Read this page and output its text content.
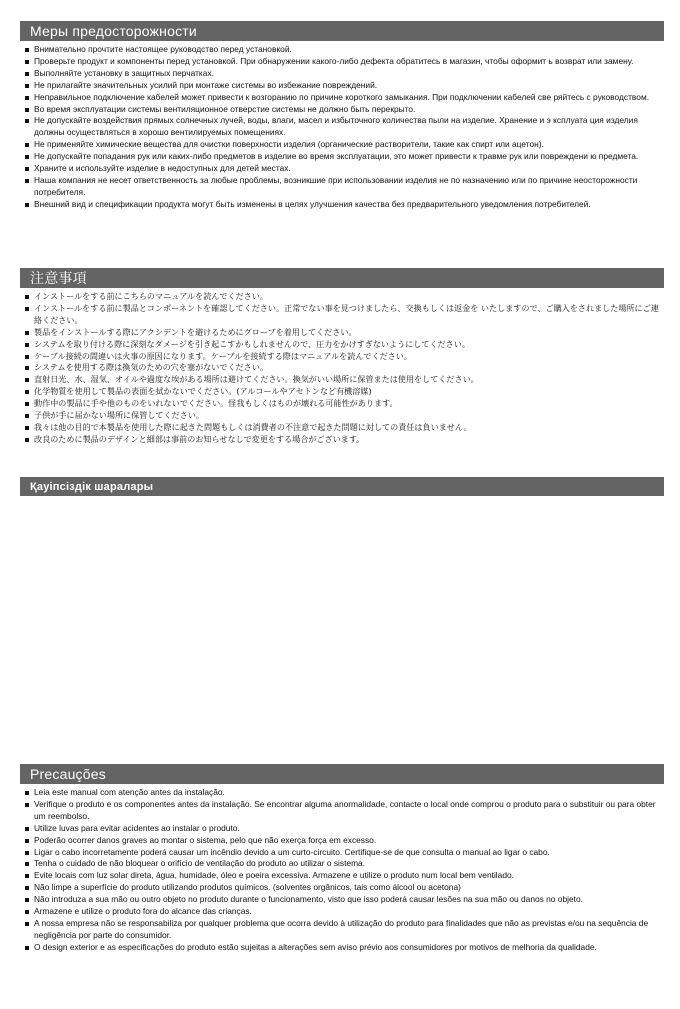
Меры предосторожности
Внимательно прочтите настоящее руководство перед установкой.
Проверьте продукт и компоненты перед установкой. При обнаружении какого-либо дефекта обратитесь в магазин, чтобы оформит ь возврат или замену.
Выполняйте установку в защитных перчатках.
Не прилагайте значительных усилий при монтаже системы во избежание повреждений.
Неправильное подключение кабелей может привести к возгоранию по причине короткого замыкания. При подключении кабелей све ряйтесь с руководством.
Во время эксплуатации системы вентиляционное отверстие системы не должно быть перекрыто.
Не допускайте воздействия прямых солнечных лучей, воды, влаги, масел и избыточного количества пыли на изделие. Хранение и э ксплуата ция изделия должны осуществляться в хорошо вентилируемых помещениях.
Не применяйте химические вещества для очистки поверхности изделия (органические растворители, такие как спирт или ацетон).
Не допускайте попадания рук или каких-либо предметов в изделие во время эксплуатации, это может привести к травме рук или повреждени ю предмета.
Храните и используйте изделие в недоступных для детей местах.
Наша компания не несет ответственность за любые проблемы, возникшие при использовании изделия не по назначению или по причине неосторожности потребителя.
Внешний вид и спецификации продукта могут быть изменены в целях улучшения качества без предварительного уведомления потребителей.
注意事項
インストールをする前にこちらのマニュアルを読んでください。
インストールをする前に製品とコンポーネントを確認してください。正常でない事を見つけましたら、交換もしくは返金を いたしますので、ご購入をされました場所にご連絡ください。
製品をインストールする際にアクシデントを避けるためにグローブを着用してください。
システムを取り付ける際に深刻なダメージを引き起こすかもしれませんので、圧力をかけすぎないようにしてください。
ケーブル接続の間違いは火事の原因になります。ケーブルを接続する際はマニュアルを読んでください。
システムを使用する際は換気のための穴を塞がないでください。
直射日光、水、湿気、オイルや過度な埃がある場所は避けてください。換気がいい場所に保管または使用をしてください。
化学物質を使用して製品の表面を拭かないでください。(アルコールやアセトンなど有機溶媒)
動作中の製品に手や他のものをいれないでください。怪我もしくはものが壊れる可能性があります。
子供が手に届かない場所に保管してください。
我々は他の目的で本製品を使用した際に起きた問題もしくは消費者の不注意で起きた問題に対しての責任は負いません。
改良のために製品のデザインと細部は事前のお知らせなしで変更をする場合がございます。
Қауіпсіздік шаралары
Precauções
Leia este manual com atenção antes da instalação.
Verifique o produto e os componentes antes da instalação. Se encontrar alguma anormalidade, contacte o local onde comprou o produto para o substituir ou para obter um reembolso.
Utilize luvas para evitar acidentes ao instalar o produto.
Poderão ocorrer danos graves ao montar o sistema, pelo que não exerça força em excesso.
Ligar o cabo incorretamente poderá causar um incêndio devido a um curto-circuito. Certifique-se de que consulta o manual ao ligar o cabo.
Tenha o cuidado de não bloquear o orifício de ventilação do produto ao utilizar o sistema.
Evite locais com luz solar direta, água, humidade, óleo e poeira excessiva. Armazene e utilize o produto num local bem ventilado.
Não limpe a superfície do produto utilizando produtos químicos. (solventes orgânicos, tais como álcool ou acetona)
Não introduza a sua mão ou outro objeto no produto durante o funcionamento, visto que isso poderá causar lesões na sua mão ou danos no objeto.
Armazene e utilize o produto fora do alcance das crianças.
A nossa empresa não se responsabiliza por qualquer problema que ocorra devido à utilização do produto para finalidades que não as previstas e/ou na sequência de negligência por parte do consumidor.
O design exterior e as especificações do produto estão sujeitas a alterações sem aviso prévio aos consumidores por motivos de melhoria da qualidade.
